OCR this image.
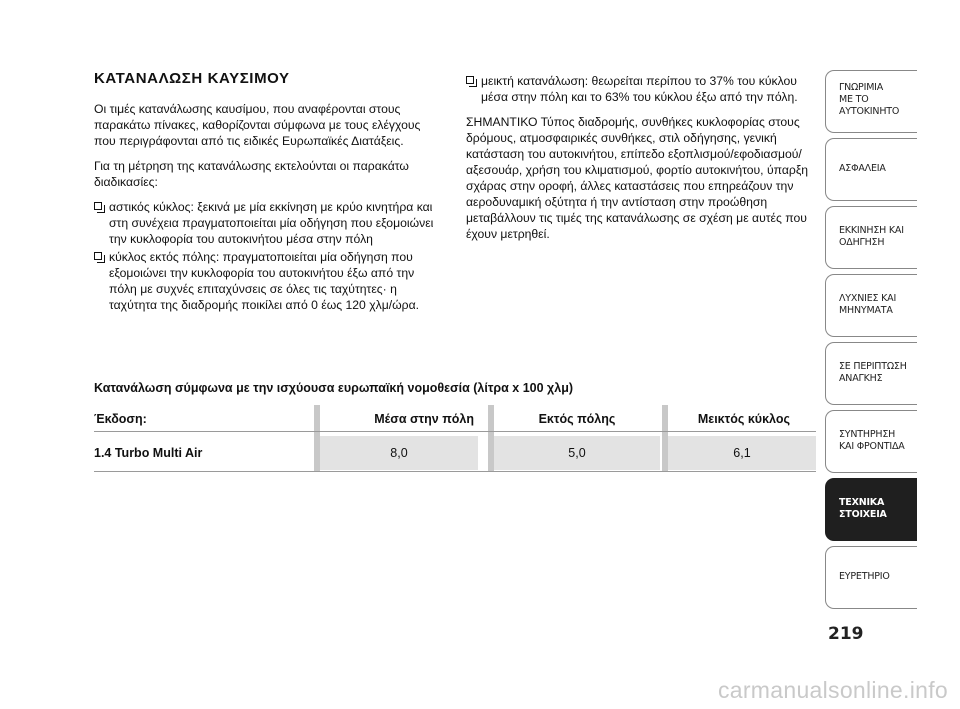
ΚΑΤΑΝΑΛΩΣΗ ΚΑΥΣΙΜΟΥ

Οι τιμές κατανάλωσης καυσίμου, που αναφέρονται στους παρακάτω πίνακες, καθορίζονται σύμφωνα με τους ελέγχους που περιγράφονται από τις ειδικές Ευρωπαϊκές Διατάξεις.

Για τη μέτρηση της κατανάλωσης εκτελούνται οι παρακάτω διαδικασίες:

αστικός κύκλος: ξεκινά με μία εκκίνηση με κρύο κινητήρα και στη συνέχεια πραγματοποιείται μία οδήγηση που εξομοιώνει την κυκλοφορία του αυτοκινήτου μέσα στην πόλη
κύκλος εκτός πόλης: πραγματοποιείται μία οδήγηση που εξομοιώνει την κυκλοφορία του αυτοκινήτου έξω από την πόλη με συχνές επιταχύνσεις σε όλες τις ταχύτητες· η ταχύτητα της διαδρομής ποικίλει από 0 έως 120 χλμ/ώρα.
μεικτή κατανάλωση: θεωρείται περίπου το 37% του κύκλου μέσα στην πόλη και το 63% του κύκλου έξω από την πόλη.

ΣΗΜΑΝΤΙΚΟ Τύπος διαδρομής, συνθήκες κυκλοφορίας στους δρόμους, ατμοσφαιρικές συνθήκες, στιλ οδήγησης, γενική κατάσταση του αυτοκινήτου, επίπεδο εξοπλισμού/εφοδιασμού/αξεσουάρ, χρήση του κλιματισμού, φορτίο αυτοκινήτου, ύπαρξη σχάρας στην οροφή, άλλες καταστάσεις που επηρεάζουν την αεροδυναμική οξύτητα ή την αντίσταση στην προώθηση μεταβάλλουν τις τιμές της κατανάλωσης σε σχέση με αυτές που έχουν μετρηθεί.

Κατανάλωση σύμφωνα με την ισχύουσα ευρωπαϊκή νομοθεσία (λίτρα x 100 χλμ)
Έκδοση:	Μέσα στην πόλη	Εκτός πόλης	Μεικτός κύκλος
1.4 Turbo Multi Air	8,0	5,0	6,1
ΓΝΩΡΙΜΙΑ
ΜΕ ΤΟ
ΑΥΤΟΚΙΝΗΤΟ
ΑΣΦΑΛΕΙΑ
ΕΚΚΙΝΗΣΗ ΚΑΙ
ΟΔΗΓΗΣΗ
ΛΥΧΝΙΕΣ ΚΑΙ
ΜΗΝΥΜΑΤΑ
ΣΕ ΠΕΡΙΠΤΩΣΗ
ΑΝΑΓΚΗΣ
ΣΥΝΤΗΡΗΣΗ
ΚΑΙ ΦΡΟΝΤΙΔΑ
ΤΕΧΝΙΚΑ
ΣΤΟΙΧΕΙΑ
ΕΥΡΕΤΗΡΙΟ
219
carmanualsonline.info
